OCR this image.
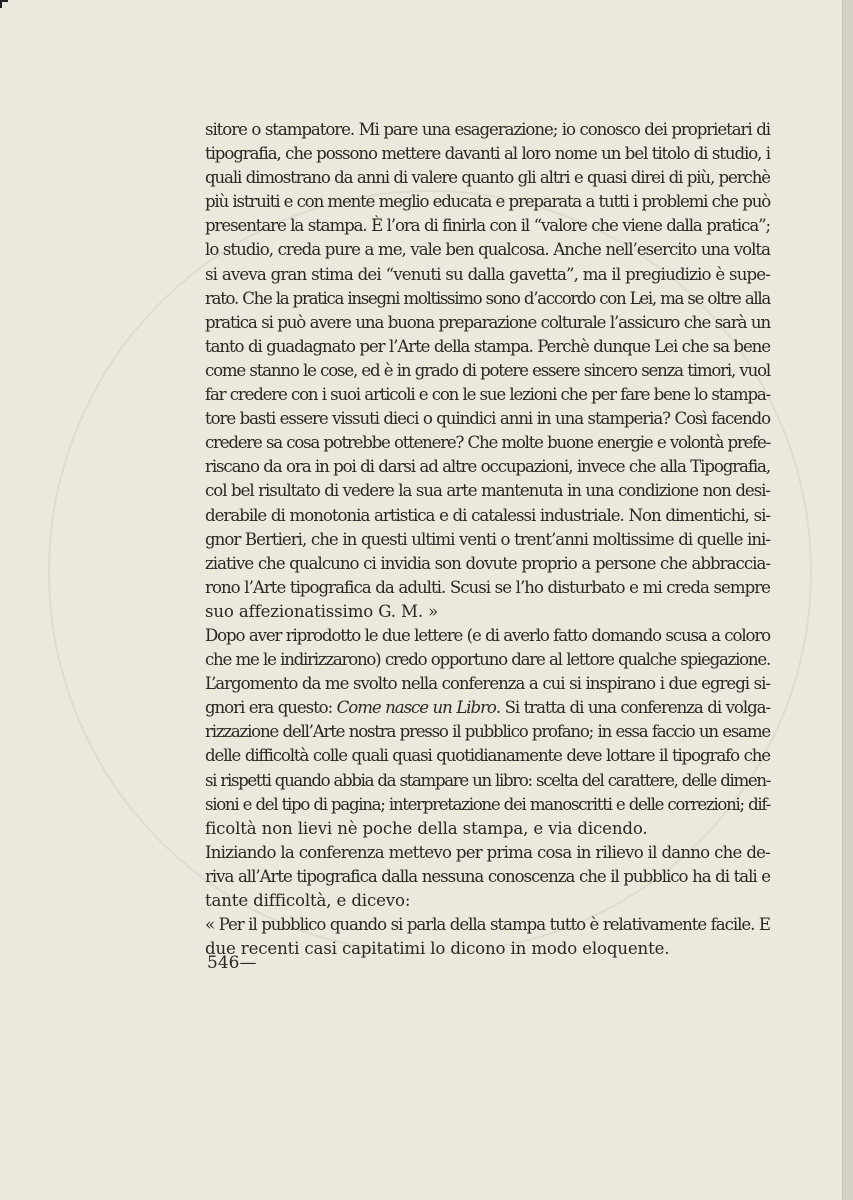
sitore o stampatore. Mi pare una esagerazione; io conosco dei proprietari di
tipografia, che possono mettere davanti al loro nome un bel titolo di studio, i
quali dimostrano da anni di valere quanto gli altri e quasi direi di più, perchè
più istruiti e con mente meglio educata e preparata a tutti i problemi che può
presentare la stampa. È l’ora di finirla con il “valore che viene dalla pratica”;
lo studio, creda pure a me, vale ben qualcosa. Anche nell’esercito una volta
si aveva gran stima dei “venuti su dalla gavetta”, ma il pregiudizio è supe-
rato. Che la pratica insegni moltissimo sono d’accordo con Lei, ma se oltre alla
pratica si può avere una buona preparazione colturale l’assicuro che sarà un
tanto di guadagnato per l’Arte della stampa. Perchè dunque Lei che sa bene
come stanno le cose, ed è in grado di potere essere sincero senza timori, vuol
far credere con i suoi articoli e con le sue lezioni che per fare bene lo stampa-
tore basti essere vissuti dieci o quindici anni in una stamperia? Così facendo
credere sa cosa potrebbe ottenere? Che molte buone energie e volontà prefe-
riscano da ora in poi di darsi ad altre occupazioni, invece che alla Tipografia,
col bel risultato di vedere la sua arte mantenuta in una condizione non desi-
derabile di monotonia artistica e di catalessi industriale. Non dimentichi, si-
gnor Bertieri, che in questi ultimi venti o trent’anni moltissime di quelle ini-
ziative che qualcuno ci invidia son dovute proprio a persone che abbraccia-
rono l’Arte tipografica da adulti. Scusi se l’ho disturbato e mi creda sempre
suo affezionatissimo G. M. »
Dopo aver riprodotto le due lettere (e di averlo fatto domando scusa a coloro
che me le indirizzarono) credo opportuno dare al lettore qualche spiegazione.
L’argomento da me svolto nella conferenza a cui si inspirano i due egregi si-
gnori era questo: Come nasce un Libro. Si tratta di una conferenza di volga-
rizzazione dell’Arte nostra presso il pubblico profano; in essa faccio un esame
delle difficoltà colle quali quasi quotidianamente deve lottare il tipografo che
si rispetti quando abbia da stampare un libro: scelta del carattere, delle dimen-
sioni e del tipo di pagina; interpretazione dei manoscritti e delle correzioni; dif-
ficoltà non lievi nè poche della stampa, e via dicendo.
Iniziando la conferenza mettevo per prima cosa in rilievo il danno che de-
riva all’Arte tipografica dalla nessuna conoscenza che il pubblico ha di tali e
tante difficoltà, e dicevo:
« Per il pubblico quando si parla della stampa tutto è relativamente facile. E
due recenti casi capitatimi lo dicono in modo eloquente.
546—
